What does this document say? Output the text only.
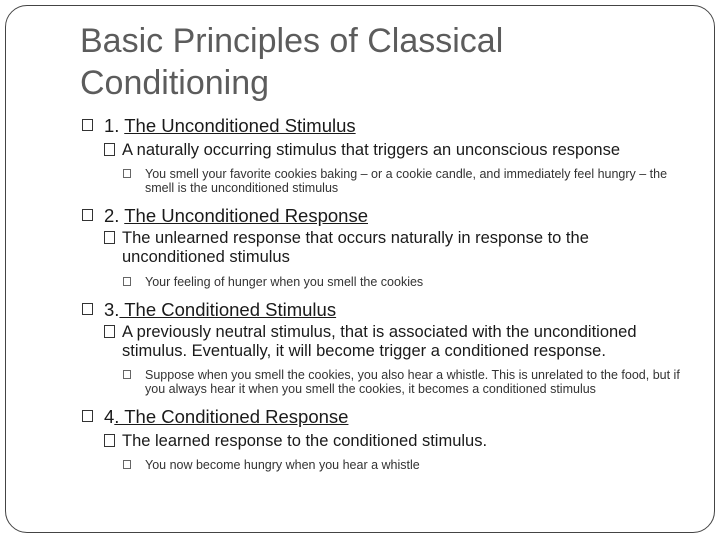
Basic Principles of Classical Conditioning
1. The Unconditioned Stimulus
A naturally occurring stimulus that triggers an unconscious response
You smell your favorite cookies baking – or a cookie candle, and immediately feel hungry – the smell is the unconditioned stimulus
2. The Unconditioned Response
The unlearned response that occurs naturally in response to the unconditioned stimulus
Your feeling of hunger when you smell the cookies
3. The Conditioned Stimulus
A previously neutral stimulus, that is associated with the unconditioned stimulus. Eventually, it will become trigger a conditioned response.
Suppose when you smell the cookies, you also hear a whistle. This is unrelated to the food, but if you always hear it when you smell the cookies, it becomes a conditioned stimulus
4. The Conditioned Response
The learned response to the conditioned stimulus.
You now become hungry when you hear a whistle
